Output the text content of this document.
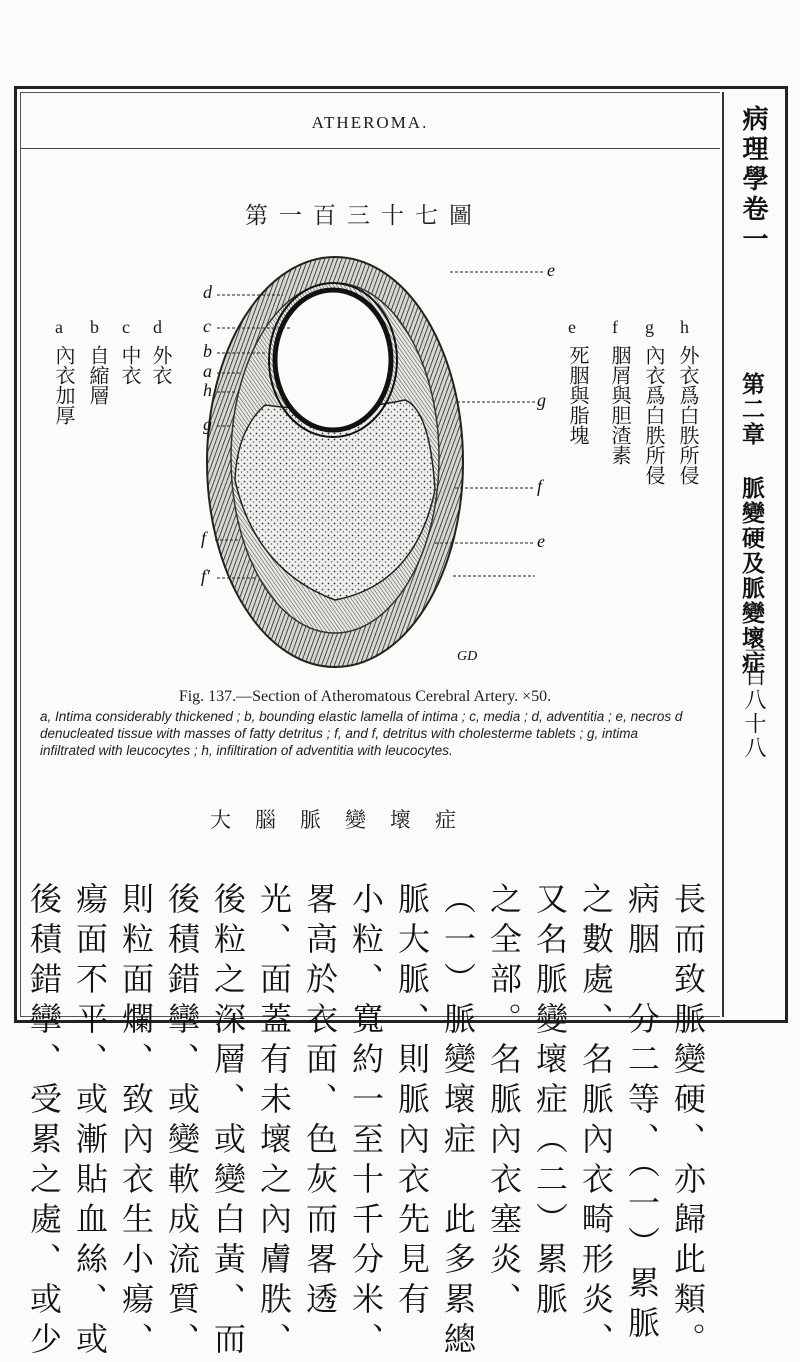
ATHEROMA.	病理學卷一
第二章 脈變硬及脈變壞症
一百八十八
第一百三十七圖
d
c
b
a
h
g
f
f'
e
g
f
e
GD
a b c d
內衣加厚 自縮層 中衣 外衣
e f g h
死胭與脂塊 胭屑與胆渣素 內衣爲白胅所侵 外衣爲白胅所侵
Fig. 137.—Section of Atheromatous Cerebral Artery. ×50.
a, Intima considerably thickened ; b, bounding elastic lamella of intima ; c, media ; d, adventitia ; e, necros d denucleated tissue with masses of fatty detritus ; f, and f, detritus with cholesterme tablets ; g, intima infiltrated with leucocytes ; h, infiltiration of adventitia with leucocytes.
大腦脈變壞症
長而致脈變硬、亦歸此類。
病胭　分二等、（一）累脈
之數處、名脈內衣畸形炎、
又名脈變壞症（二）累脈
之全部。名脈內衣塞炎、
（一）脈變壞症　此多累總
脈大脈、則脈內衣先見有
小粒、寬約一至十千分米、
畧高於衣面、色灰而畧透
光、面蓋有未壞之內膚胅、
後粒之深層、或變白黃、而
後積錯攣、或變軟成流質、
則粒面爛、致內衣生小瘍、
瘍面不平、或漸貼血絲、或
後積錯攣、受累之處、或少
